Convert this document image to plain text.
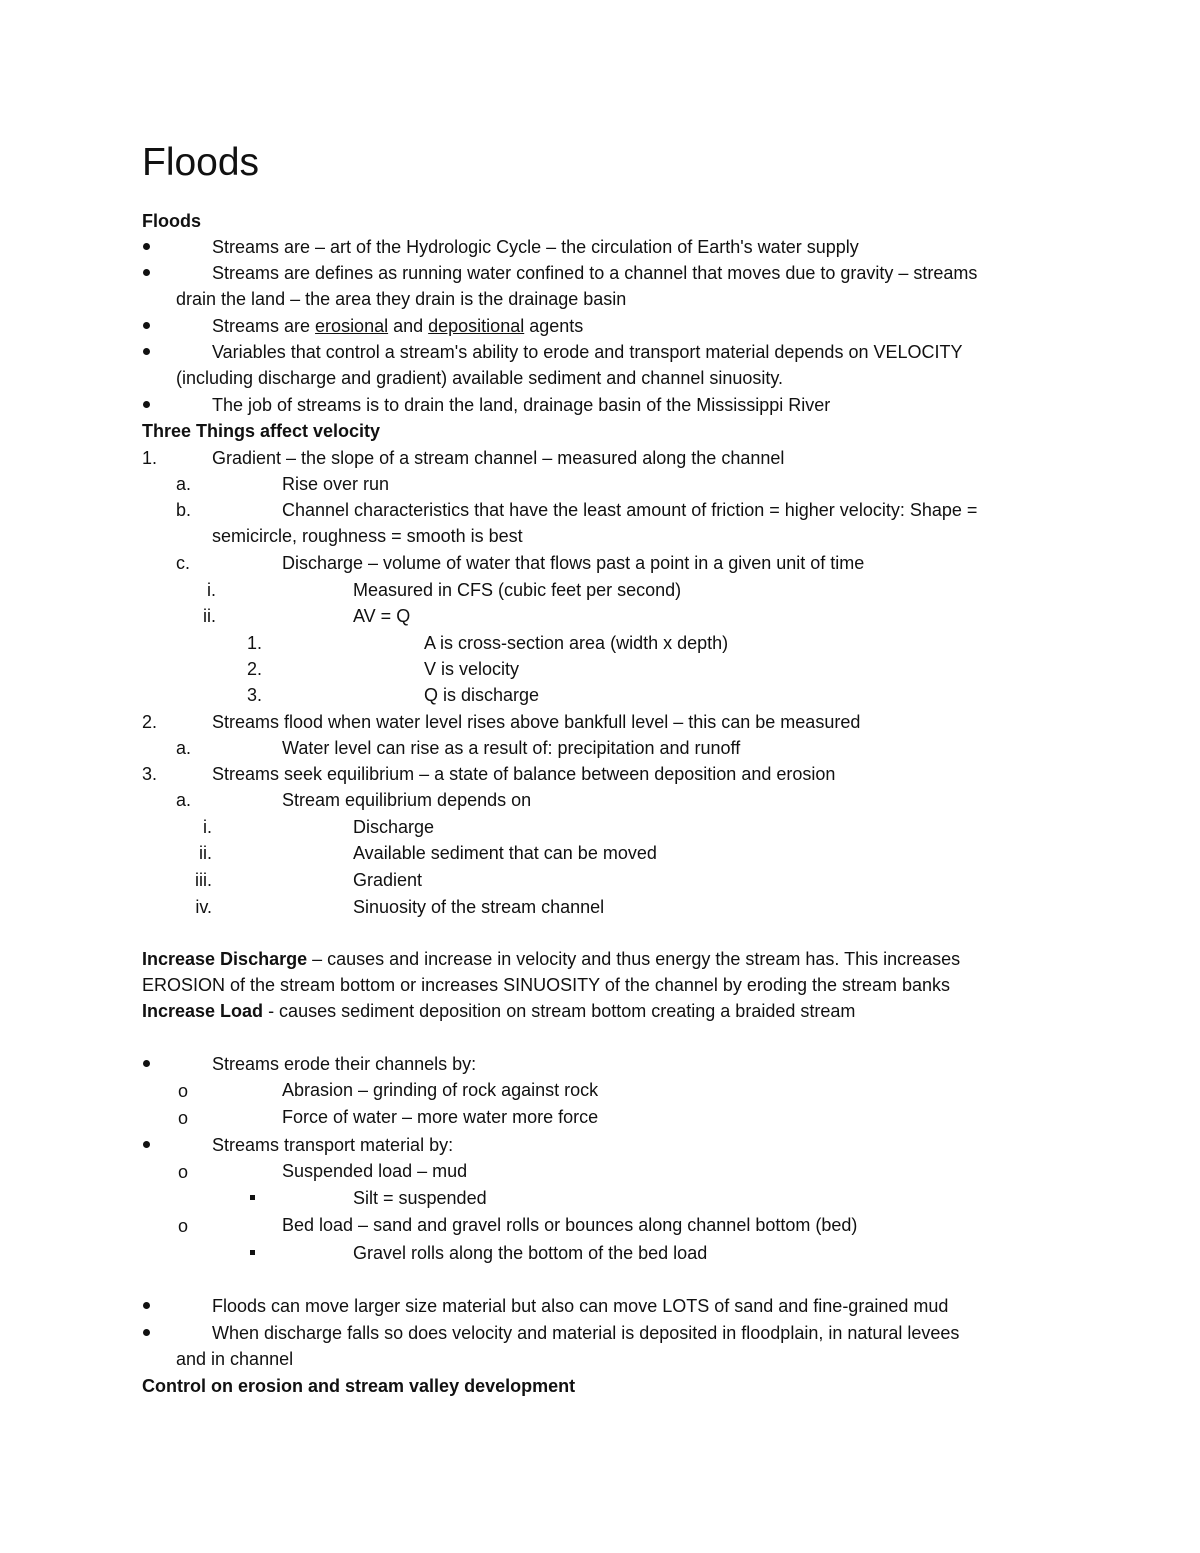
Floods
Floods
Streams are – art of the Hydrologic Cycle – the circulation of Earth's water supply
Streams are defines as running water confined to a channel that moves due to gravity – streams
drain the land – the area they drain is the drainage basin
Streams are erosional and depositional agents
Variables that control a stream's ability to erode and transport material depends on VELOCITY
(including discharge and gradient) available sediment and channel sinuosity.
The job of streams is to drain the land, drainage basin of the Mississippi River
Three Things affect velocity
1.	Gradient – the slope of a stream channel – measured along the channel
a.	Rise over run
b.	Channel characteristics that have the least amount of friction = higher velocity: Shape =
semicircle, roughness = smooth is best
c.	Discharge – volume of water that flows past a point in a given unit of time
i.	Measured in CFS (cubic feet per second)
ii.	AV = Q
1.	A is cross-section area (width x depth)
2.	V is velocity
3.	Q is discharge
2.	Streams flood when water level rises above bankfull level – this can be measured
a.	Water level can rise as a result of: precipitation and runoff
3.	Streams seek equilibrium – a state of balance between deposition and erosion
a.	Stream equilibrium depends on
i.	Discharge
ii.	Available sediment that can be moved
iii.	Gradient
iv.	Sinuosity of the stream channel
Increase Discharge – causes and increase in velocity and thus energy the stream has. This increases
EROSION of the stream bottom or increases SINUOSITY of the channel by eroding the stream banks
Increase Load - causes sediment deposition on stream bottom creating a braided stream
Streams erode their channels by:
o	Abrasion – grinding of rock against rock
o	Force of water – more water more force
Streams transport material by:
o	Suspended load – mud
Silt = suspended
o	Bed load – sand and gravel rolls or bounces along channel bottom (bed)
Gravel rolls along the bottom of the bed load
Floods can move larger size material but also can move LOTS of sand and fine-grained mud
When discharge falls so does velocity and material is deposited in floodplain, in natural levees
and in channel
Control on erosion and stream valley development
